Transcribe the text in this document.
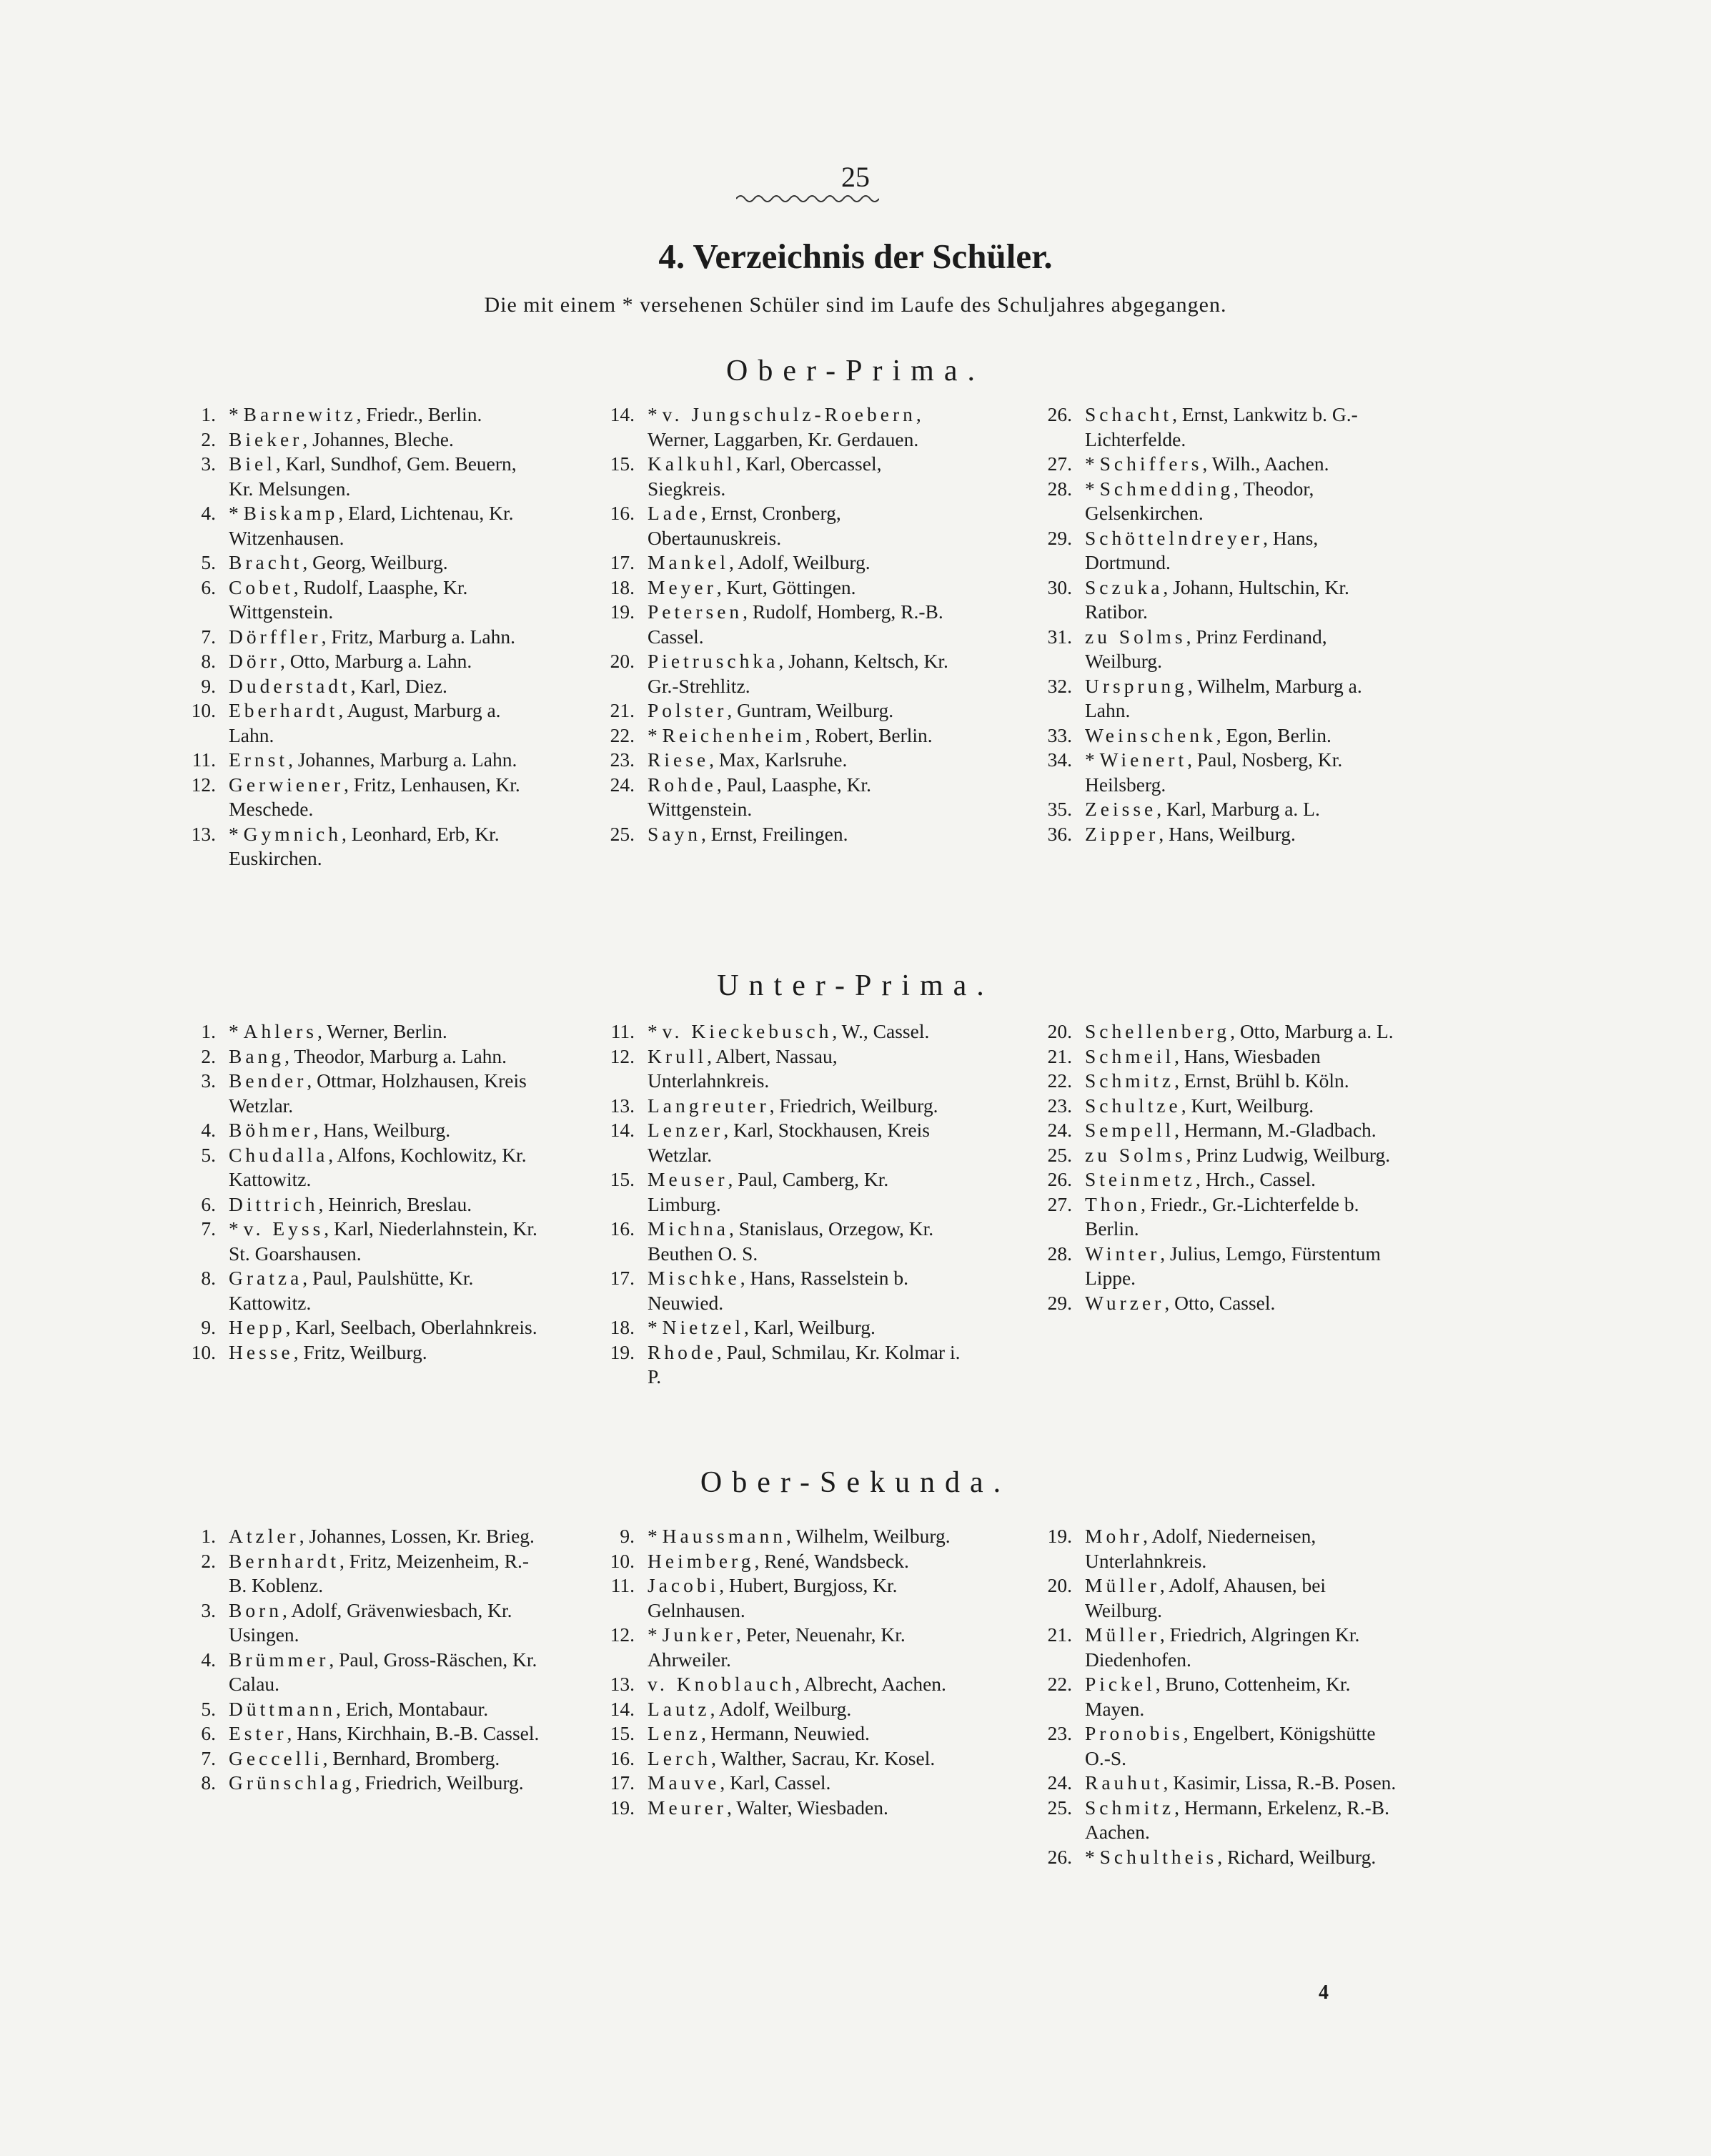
25
4. Verzeichnis der Schüler.
Die mit einem * versehenen Schüler sind im Laufe des Schuljahres abgegangen.
Ober-Prima.
1. * Barnewitz, Friedr., Berlin.
2. Bieker, Johannes, Bleche.
3. Biel, Karl, Sundhof, Gem. Beuern, Kr. Melsungen.
4. * Biskamp, Elard, Lichtenau, Kr. Witzenhausen.
5. Bracht, Georg, Weilburg.
6. Cobet, Rudolf, Laasphe, Kr. Wittgenstein.
7. Dörffler, Fritz, Marburg a. Lahn.
8. Dörr, Otto, Marburg a. Lahn.
9. Duderstadt, Karl, Diez.
10. Eberhardt, August, Marburg a. Lahn.
11. Ernst, Johannes, Marburg a. Lahn.
12. Gerwiener, Fritz, Lenhausen, Kr. Meschede.
13. * Gymnich, Leonhard, Erb, Kr. Euskirchen.
14. * v. Jungschulz-Roebern, Werner, Laggarben, Kr. Gerdauen.
15. Kalkuhl, Karl, Obercassel, Siegkreis.
16. Lade, Ernst, Cronberg, Obertaunuskreis.
17. Mankel, Adolf, Weilburg.
18. Meyer, Kurt, Göttingen.
19. Petersen, Rudolf, Homberg, R.-B. Cassel.
20. Pietruschka, Johann, Keltsch, Kr. Gr.-Strehlitz.
21. Polster, Guntram, Weilburg.
22. * Reichenheim, Robert, Berlin.
23. Riese, Max, Karlsruhe.
24. Rohde, Paul, Laasphe, Kr. Wittgenstein.
25. Sayn, Ernst, Freilingen.
26. Schacht, Ernst, Lankwitz b. G.-Lichterfelde.
27. * Schiffers, Wilh., Aachen.
28. * Schmedding, Theodor, Gelsenkirchen.
29. Schöttelndreyer, Hans, Dortmund.
30. Sczuka, Johann, Hultschin, Kr. Ratibor.
31. zu Solms, Prinz Ferdinand, Weilburg.
32. Ursprung, Wilhelm, Marburg a. Lahn.
33. Weinschenk, Egon, Berlin.
34. * Wienert, Paul, Nosberg, Kr. Heilsberg.
35. Zeisse, Karl, Marburg a. L.
36. Zipper, Hans, Weilburg.
Unter-Prima.
1. * Ahlers, Werner, Berlin.
2. Bang, Theodor, Marburg a. Lahn.
3. Bender, Ottmar, Holzhausen, Kreis Wetzlar.
4. Böhmer, Hans, Weilburg.
5. Chudalla, Alfons, Kochlowitz, Kr. Kattowitz.
6. Dittrich, Heinrich, Breslau.
7. * v. Eyss, Karl, Niederlahnstein, Kr. St. Goarshausen.
8. Gratza, Paul, Paulshütte, Kr. Kattowitz.
9. Hepp, Karl, Seelbach, Oberlahnkreis.
10. Hesse, Fritz, Weilburg.
11. * v. Kieckebusch, W., Cassel.
12. Krull, Albert, Nassau, Unterlahnkreis.
13. Langreuter, Friedrich, Weilburg.
14. Lenzer, Karl, Stockhausen, Kreis Wetzlar.
15. Meuser, Paul, Camberg, Kr. Limburg.
16. Michna, Stanislaus, Orzegow, Kr. Beuthen O. S.
17. Mischke, Hans, Rasselstein b. Neuwied.
18. * Nietzel, Karl, Weilburg.
19. Rhode, Paul, Schmilau, Kr. Kolmar i. P.
20. Schellenberg, Otto, Marburg a. L.
21. Schmeil, Hans, Wiesbaden
22. Schmitz, Ernst, Brühl b. Köln.
23. Schultze, Kurt, Weilburg.
24. Sempell, Hermann, M.-Gladbach.
25. zu Solms, Prinz Ludwig, Weilburg.
26. Steinmetz, Hrch., Cassel.
27. Thon, Friedr., Gr.-Lichterfelde b. Berlin.
28. Winter, Julius, Lemgo, Fürstentum Lippe.
29. Wurzer, Otto, Cassel.
Ober-Sekunda.
1. Atzler, Johannes, Lossen, Kr. Brieg.
2. Bernhardt, Fritz, Meizenheim, R.-B. Koblenz.
3. Born, Adolf, Grävenwiesbach, Kr. Usingen.
4. Brümmer, Paul, Gross-Räschen, Kr. Calau.
5. Düttmann, Erich, Montabaur.
6. Ester, Hans, Kirchhain, B.-B. Cassel.
7. Geccelli, Bernhard, Bromberg.
8. Grünschlag, Friedrich, Weilburg.
9. * Haussmann, Wilhelm, Weilburg.
10. Heimberg, René, Wandsbeck.
11. Jacobi, Hubert, Burgjoss, Kr. Gelnhausen.
12. * Junker, Peter, Neuenahr, Kr. Ahrweiler.
13. v. Knoblauch, Albrecht, Aachen.
14. Lautz, Adolf, Weilburg.
15. Lenz, Hermann, Neuwied.
16. Lerch, Walther, Sacrau, Kr. Kosel.
17. Mauve, Karl, Cassel.
19. Meurer, Walter, Wiesbaden.
19. Mohr, Adolf, Niederneisen, Unterlahnkreis.
20. Müller, Adolf, Ahausen, bei Weilburg.
21. Müller, Friedrich, Algringen Kr. Diedenhofen.
22. Pickel, Bruno, Cottenheim, Kr. Mayen.
23. Pronobis, Engelbert, Königshütte O.-S.
24. Rauhut, Kasimir, Lissa, R.-B. Posen.
25. Schmitz, Hermann, Erkelenz, R.-B. Aachen.
26. * Schultheis, Richard, Weilburg.
4
